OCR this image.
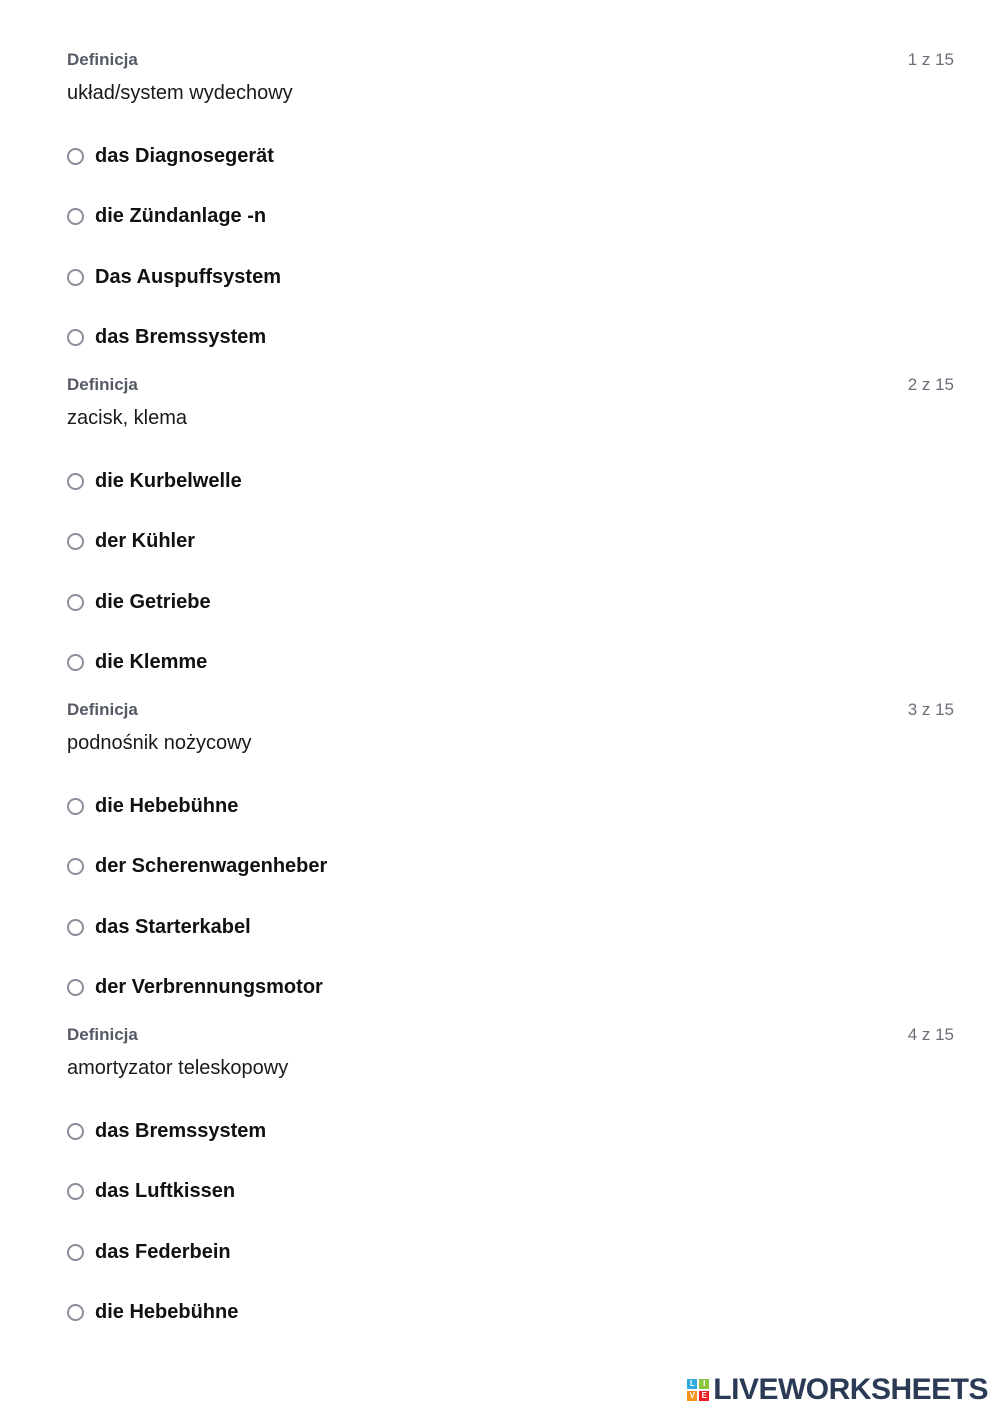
Definicja	1 z 15
układ/system wydechowy
das Diagnosegerät
die Zündanlage -n
Das Auspuffsystem
das Bremssystem
Definicja	2 z 15
zacisk, klema
die Kurbelwelle
der Kühler
die Getriebe
die Klemme
Definicja	3 z 15
podnośnik nożycowy
die Hebebühne
der Scherenwagenheber
das Starterkabel
der Verbrennungsmotor
Definicja	4 z 15
amortyzator teleskopowy
das Bremssystem
das Luftkissen
das Federbein
die Hebebühne
L	I
V E LIVEWORKSHEETS
